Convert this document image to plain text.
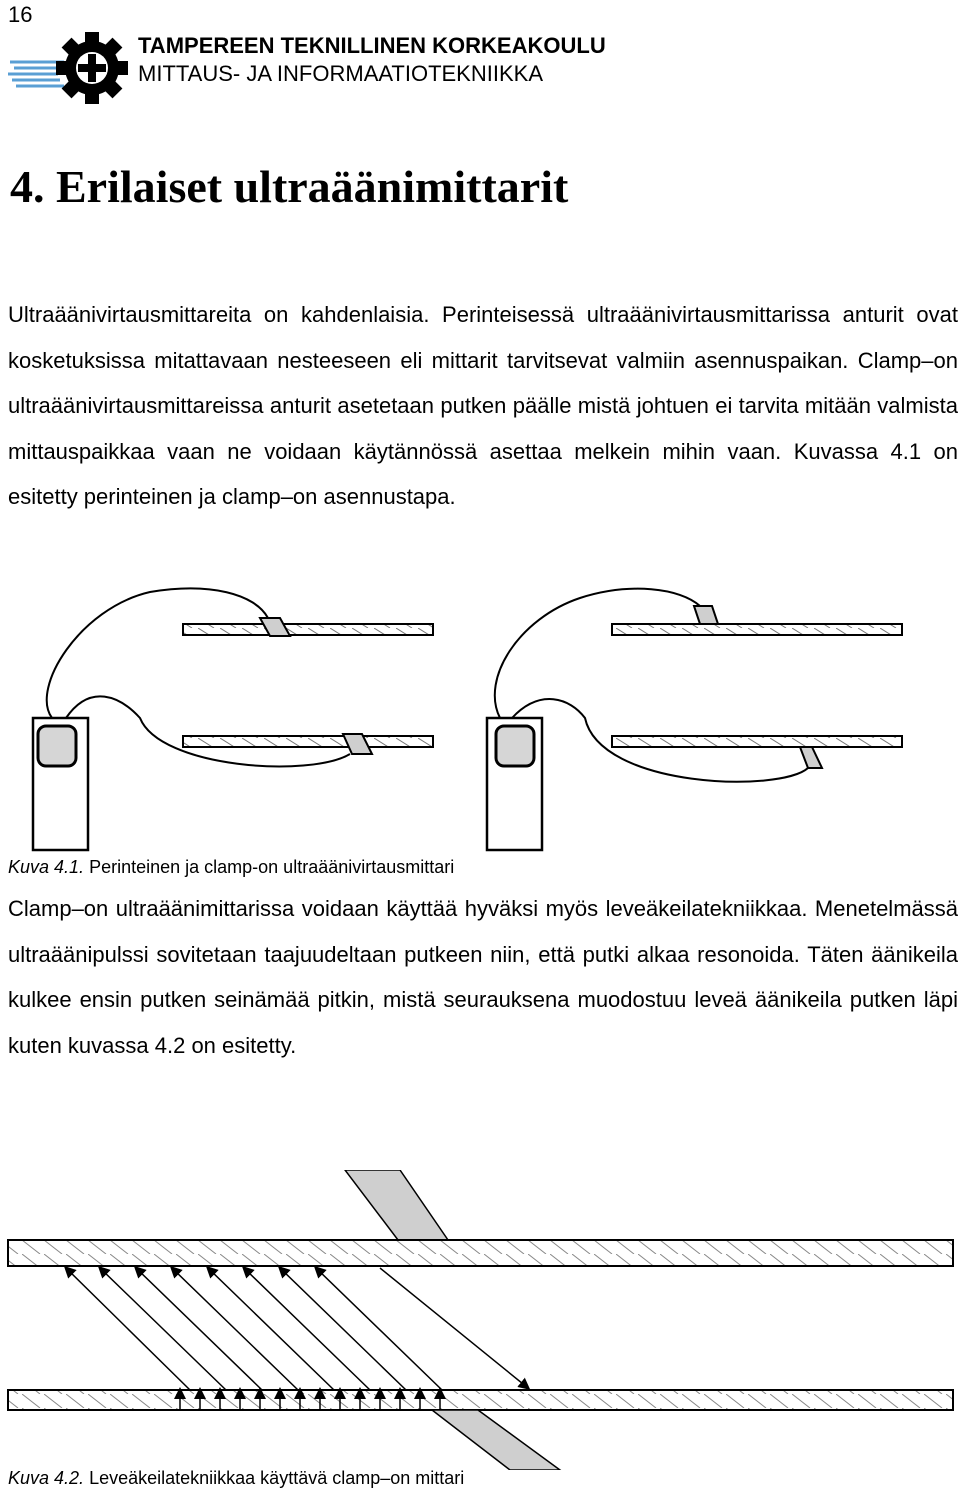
16
TAMPEREEN TEKNILLINEN KORKEAKOULU
MITTAUS- JA INFORMAATIOTEKNIIKKA
4. Erilaiset ultraäänimittarit

Ultraäänivirtausmittareita on kahdenlaisia. Perinteisessä ultraäänivirtausmittarissa anturit ovat kosketuksissa mitattavaan nesteeseen eli mittarit tarvitsevat valmiin asennuspaikan. Clamp–on ultraäänivirtausmittareissa anturit asetetaan putken päälle mistä johtuen ei tarvita mitään valmista mittauspaikkaa vaan ne voidaan käytännössä asettaa melkein mihin vaan. Kuvassa 4.1 on esitetty perinteinen ja clamp–on asennustapa.

Kuva 4.1. Perinteinen ja clamp-on ultraäänivirtausmittari

Clamp–on ultraäänimittarissa voidaan käyttää hyväksi myös leveäkeilatekniikkaa. Menetelmässä ultraäänipulssi sovitetaan taajuudeltaan putkeen niin, että putki alkaa resonoida. Täten äänikeila kulkee ensin putken seinämää pitkin, mistä seurauksena muodostuu leveä äänikeila putken läpi kuten kuvassa 4.2 on esitetty.

Kuva 4.2. Leveäkeilatekniikkaa käyttävä clamp–on mittari
